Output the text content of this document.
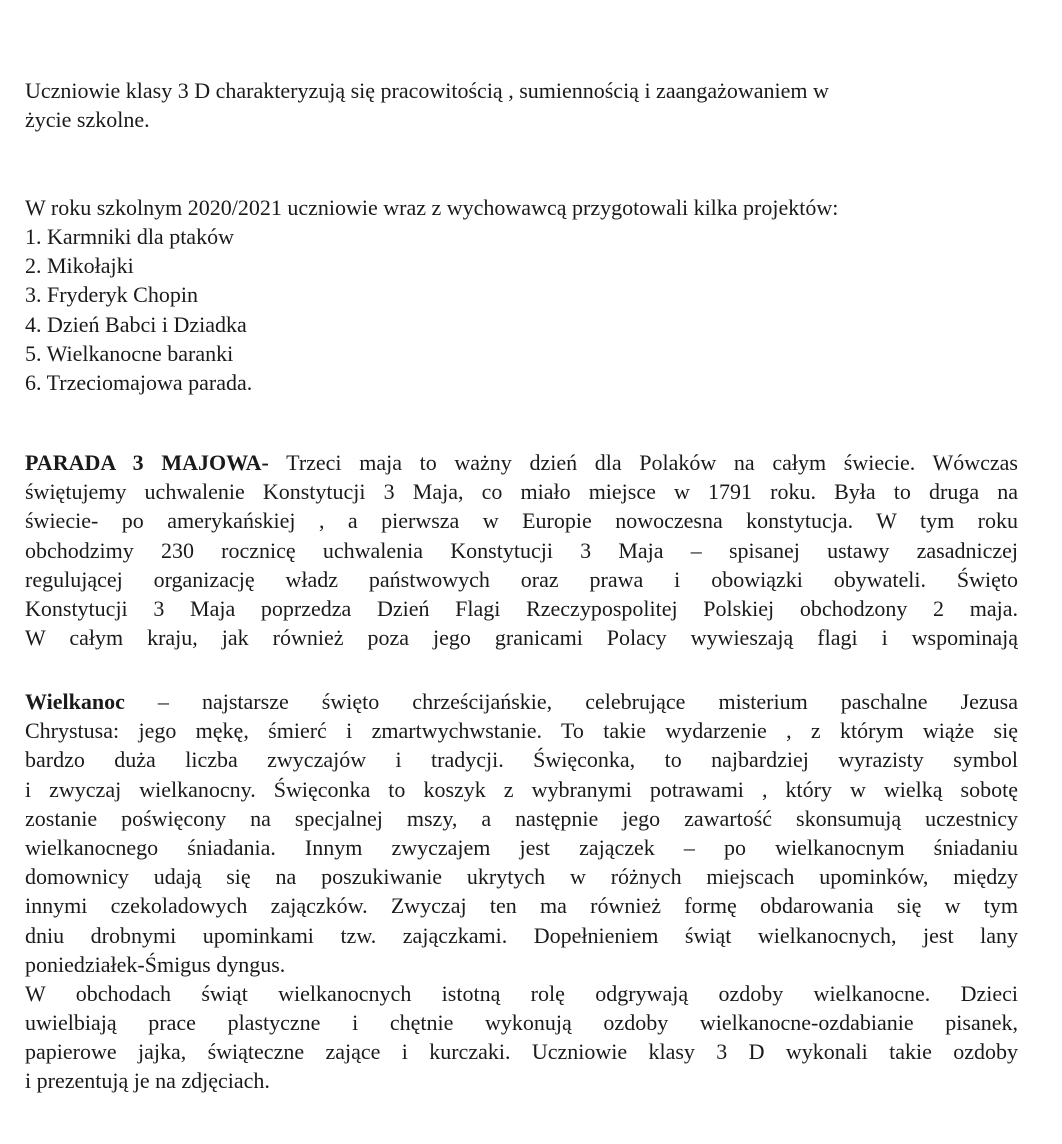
Uczniowie klasy 3 D charakteryzują się pracowitością , sumiennością i zaangażowaniem w
życie szkolne.
W roku szkolnym 2020/2021 uczniowie wraz z wychowawcą przygotowali kilka projektów:
1. Karmniki dla ptaków
2. Mikołajki
3. Fryderyk Chopin
4. Dzień Babci i Dziadka
5. Wielkanocne baranki
6. Trzeciomajowa parada.
PARADA 3 MAJOWA- Trzeci maja to ważny dzień dla Polaków na całym świecie. Wówczas
świętujemy uchwalenie Konstytucji 3 Maja, co miało miejsce w 1791 roku. Była to druga na
świecie- po amerykańskiej , a pierwsza w Europie nowoczesna konstytucja. W tym roku
obchodzimy 230 rocznicę uchwalenia Konstytucji 3 Maja – spisanej ustawy zasadniczej
regulującej organizację władz państwowych oraz prawa i obowiązki obywateli. Święto
Konstytucji 3 Maja poprzedza Dzień Flagi Rzeczypospolitej Polskiej obchodzony 2 maja.
W całym kraju, jak również poza jego granicami Polacy wywieszają flagi i wspominają
Wielkanoc – najstarsze święto chrześcijańskie, celebrujące misterium paschalne Jezusa
Chrystusa: jego mękę, śmierć i zmartwychwstanie. To takie wydarzenie , z którym wiąże się
bardzo duża liczba zwyczajów i tradycji. Święconka, to najbardziej wyrazisty symbol
i zwyczaj wielkanocny. Święconka to koszyk z wybranymi potrawami , który w wielką sobotę
zostanie poświęcony na specjalnej mszy, a następnie jego zawartość skonsumują uczestnicy
wielkanocnego śniadania. Innym zwyczajem jest zajączek – po wielkanocnym śniadaniu
domownicy udają się na poszukiwanie ukrytych w różnych miejscach upominków, między
innymi czekoladowych zajączków. Zwyczaj ten ma również formę obdarowania się w tym
dniu drobnymi upominkami tzw. zajączkami. Dopełnieniem świąt wielkanocnych, jest lany
poniedziałek-Śmigus dyngus.
W obchodach świąt wielkanocnych istotną rolę odgrywają ozdoby wielkanocne. Dzieci
uwielbiają prace plastyczne i chętnie wykonują ozdoby wielkanocne-ozdabianie pisanek,
papierowe jajka, świąteczne zające i kurczaki. Uczniowie klasy 3 D wykonali takie ozdoby
i prezentują je na zdjęciach.
